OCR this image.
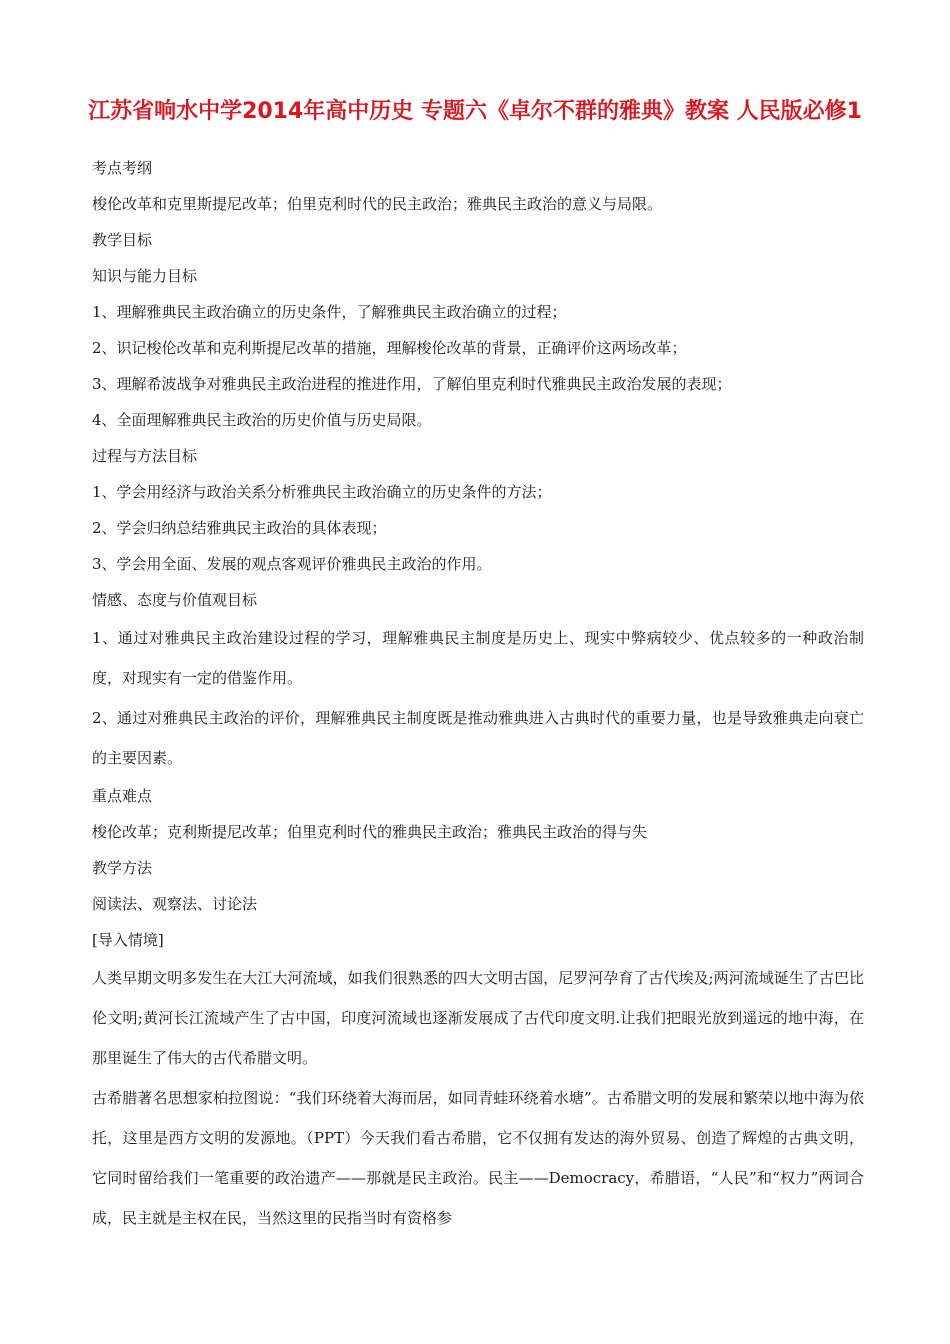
江苏省响水中学2014年高中历史 专题六《卓尔不群的雅典》教案 人民版必修1

考点考纲

梭伦改革和克里斯提尼改革；伯里克利时代的民主政治；雅典民主政治的意义与局限。

教学目标

知识与能力目标

1、理解雅典民主政治确立的历史条件，了解雅典民主政治确立的过程；

2、识记梭伦改革和克利斯提尼改革的措施，理解梭伦改革的背景，正确评价这两场改革；

3、理解希波战争对雅典民主政治进程的推进作用，了解伯里克利时代雅典民主政治发展的表现；

4、全面理解雅典民主政治的历史价值与历史局限。

过程与方法目标

1、学会用经济与政治关系分析雅典民主政治确立的历史条件的方法；

2、学会归纳总结雅典民主政治的具体表现；

3、学会用全面、发展的观点客观评价雅典民主政治的作用。

情感、态度与价值观目标

1、通过对雅典民主政治建设过程的学习，理解雅典民主制度是历史上、现实中弊病较少、优点较多的一种政治制度，对现实有一定的借鉴作用。

2、通过对雅典民主政治的评价，理解雅典民主制度既是推动雅典进入古典时代的重要力量，也是导致雅典走向衰亡的主要因素。

重点难点

梭伦改革；克利斯提尼改革；伯里克利时代的雅典民主政治；雅典民主政治的得与失

教学方法

阅读法、观察法、讨论法

[导入情境]

人类早期文明多发生在大江大河流域，如我们很熟悉的四大文明古国，尼罗河孕育了古代埃及;两河流域诞生了古巴比伦文明;黄河长江流域产生了古中国，印度河流域也逐渐发展成了古代印度文明.让我们把眼光放到遥远的地中海，在那里诞生了伟大的古代希腊文明。

古希腊著名思想家柏拉图说：“我们环绕着大海而居，如同青蛙环绕着水塘”。古希腊文明的发展和繁荣以地中海为依托，这里是西方文明的发源地。（PPT）今天我们看古希腊，它不仅拥有发达的海外贸易、创造了辉煌的古典文明，它同时留给我们一笔重要的政治遗产——那就是民主政治。民主——Democracy，希腊语，“人民”和“权力”两词合成，民主就是主权在民，当然这里的民指当时有资格参
